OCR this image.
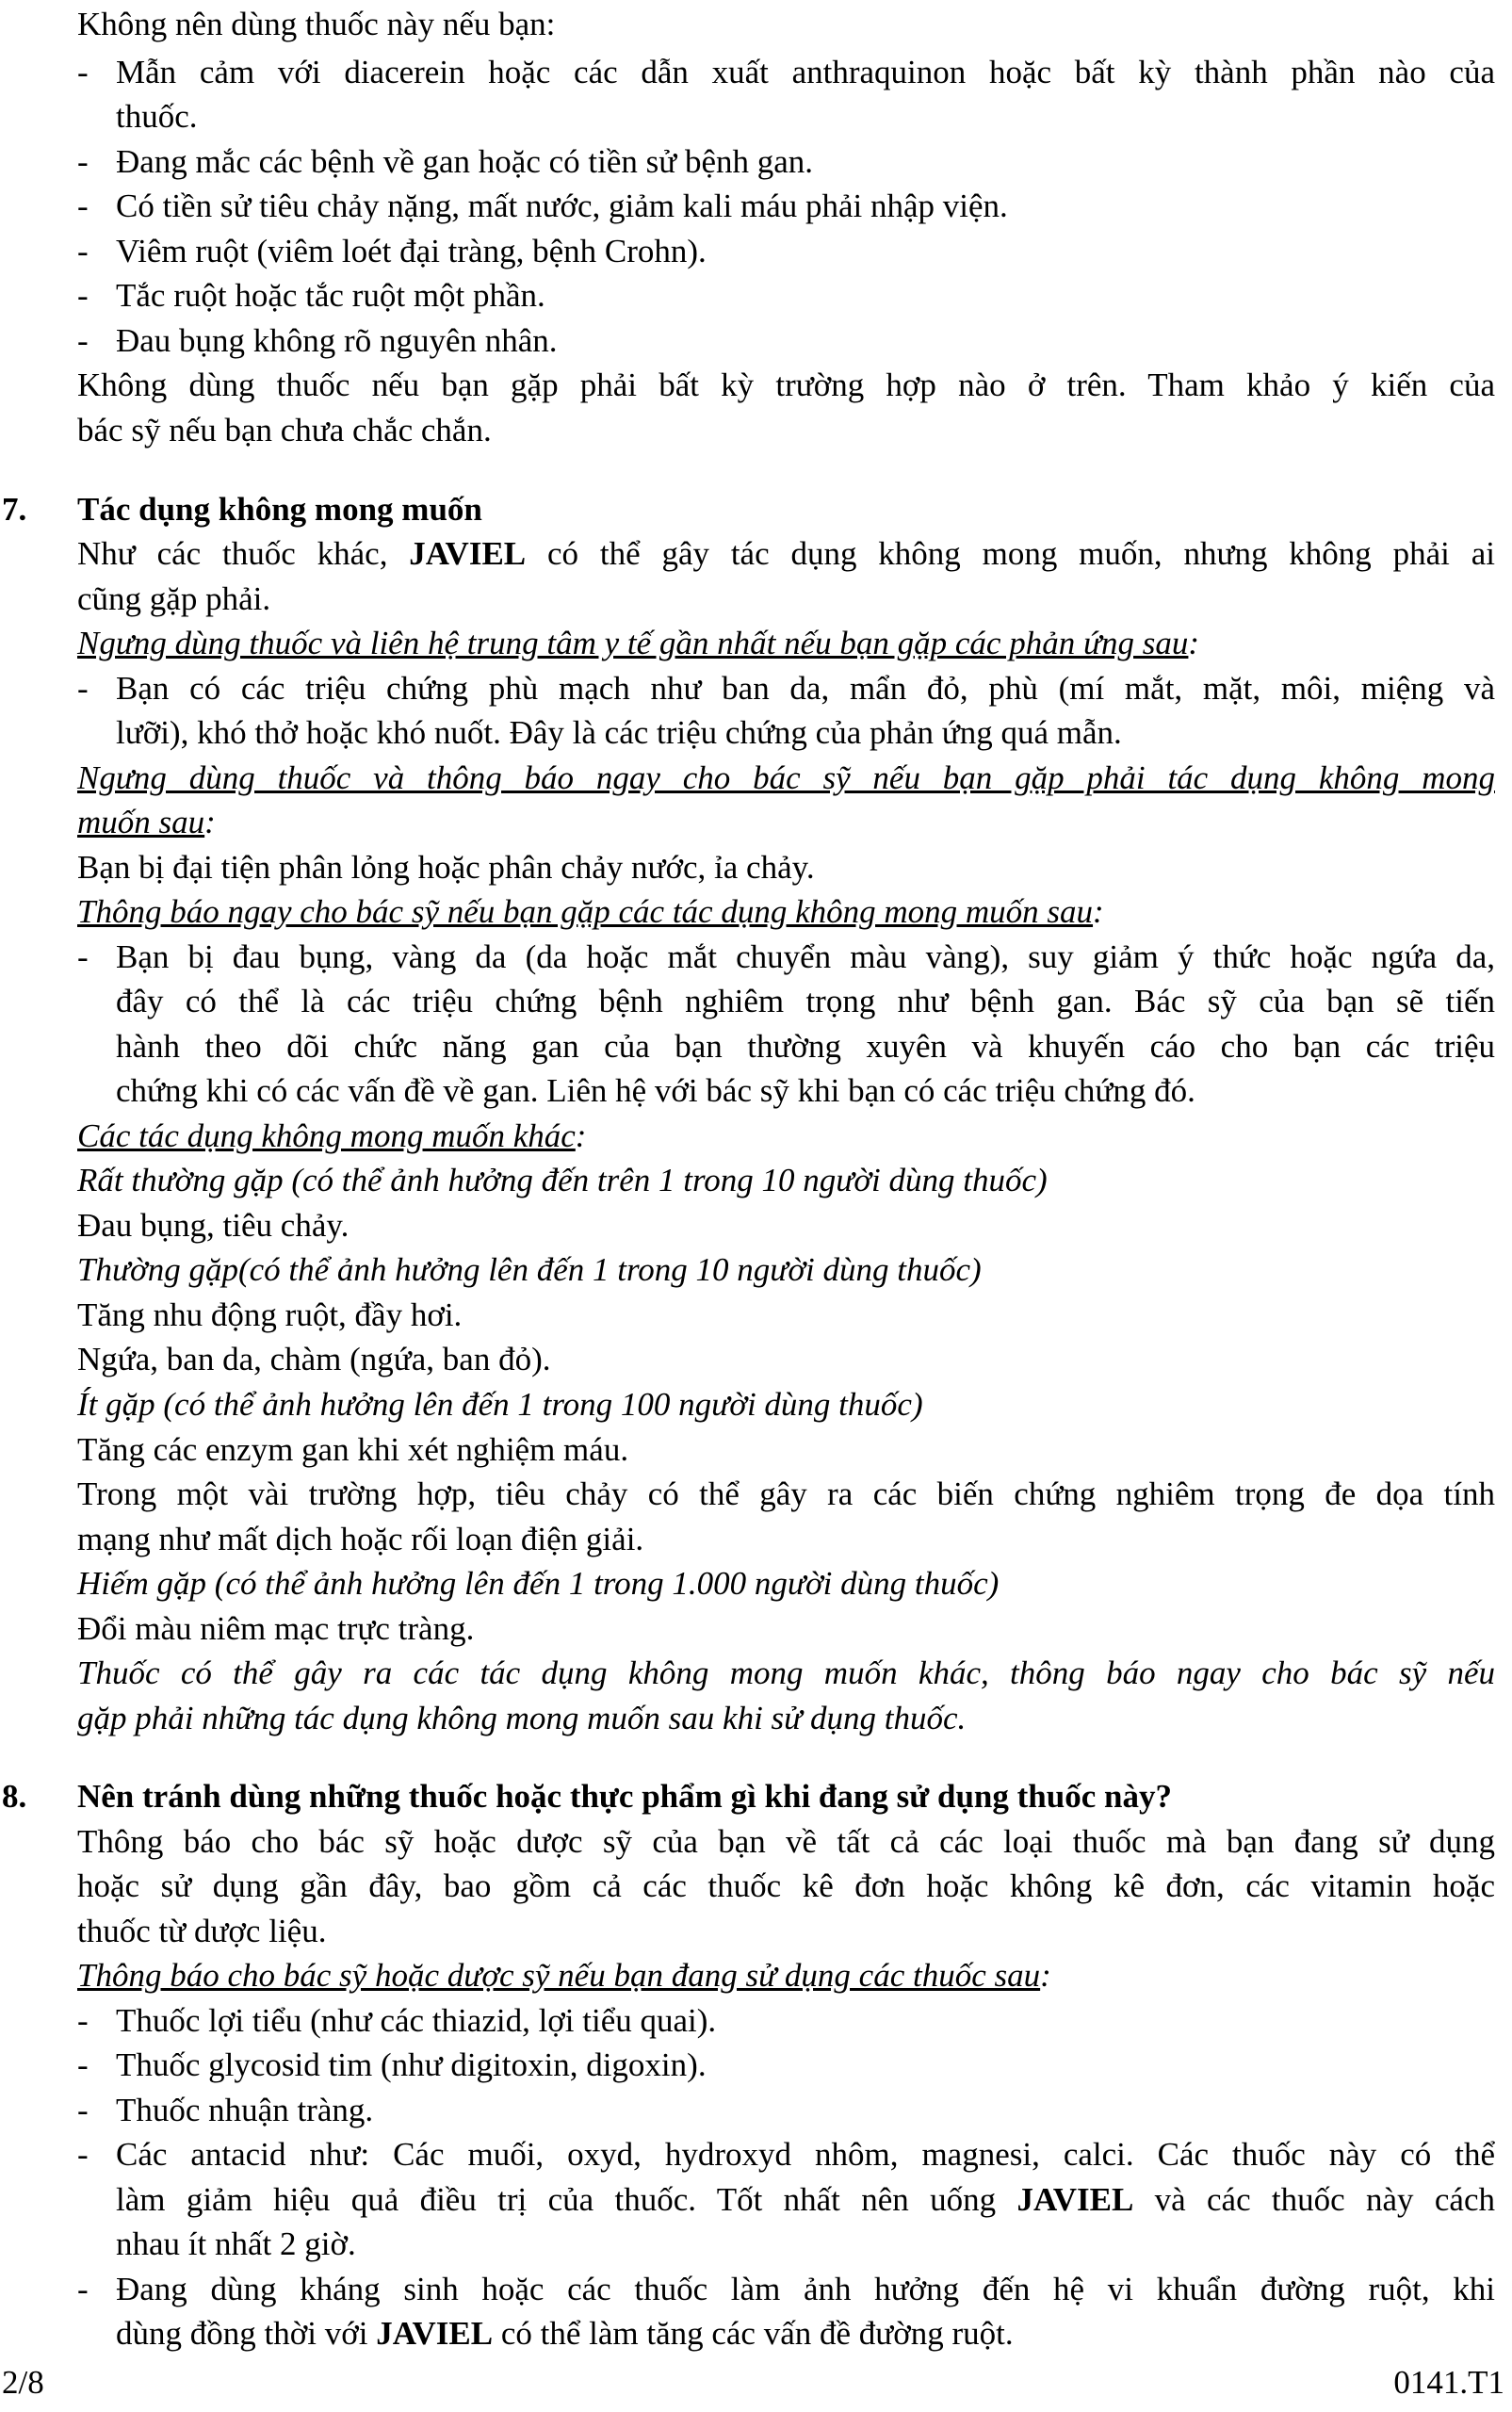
Không nên dùng thuốc này nếu bạn:
- Mẫn cảm với diacerein hoặc các dẫn xuất anthraquinon hoặc bất kỳ thành phần nào của
thuốc.
- Đang mắc các bệnh về gan hoặc có tiền sử bệnh gan.
- Có tiền sử tiêu chảy nặng, mất nước, giảm kali máu phải nhập viện.
- Viêm ruột (viêm loét đại tràng, bệnh Crohn).
- Tắc ruột hoặc tắc ruột một phần.
- Đau bụng không rõ nguyên nhân.
Không dùng thuốc nếu bạn gặp phải bất kỳ trường hợp nào ở trên. Tham khảo ý kiến của
bác sỹ nếu bạn chưa chắc chắn.
7. Tác dụng không mong muốn
Như các thuốc khác, JAVIEL có thể gây tác dụng không mong muốn, nhưng không phải ai
cũng gặp phải.
Ngưng dùng thuốc và liên hệ trung tâm y tế gần nhất nếu bạn gặp các phản ứng sau:
- Bạn có các triệu chứng phù mạch như ban da, mẩn đỏ, phù (mí mắt, mặt, môi, miệng và
lưỡi), khó thở hoặc khó nuốt. Đây là các triệu chứng của phản ứng quá mẫn.
Ngưng dùng thuốc và thông báo ngay cho bác sỹ nếu bạn gặp phải tác dụng không mong
muốn sau:
Bạn bị đại tiện phân lỏng hoặc phân chảy nước, ỉa chảy.
Thông báo ngay cho bác sỹ nếu bạn gặp các tác dụng không mong muốn sau:
- Bạn bị đau bụng, vàng da (da hoặc mắt chuyển màu vàng), suy giảm ý thức hoặc ngứa da,
đây có thể là các triệu chứng bệnh nghiêm trọng như bệnh gan. Bác sỹ của bạn sẽ tiến
hành theo dõi chức năng gan của bạn thường xuyên và khuyến cáo cho bạn các triệu
chứng khi có các vấn đề về gan. Liên hệ với bác sỹ khi bạn có các triệu chứng đó.
Các tác dụng không mong muốn khác:
Rất thường gặp (có thể ảnh hưởng đến trên 1 trong 10 người dùng thuốc)
Đau bụng, tiêu chảy.
Thường gặp(có thể ảnh hưởng lên đến 1 trong 10 người dùng thuốc)
Tăng nhu động ruột, đầy hơi.
Ngứa, ban da, chàm (ngứa, ban đỏ).
Ít gặp (có thể ảnh hưởng lên đến 1 trong 100 người dùng thuốc)
Tăng các enzym gan khi xét nghiệm máu.
Trong một vài trường hợp, tiêu chảy có thể gây ra các biến chứng nghiêm trọng đe dọa tính
mạng như mất dịch hoặc rối loạn điện giải.
Hiếm gặp (có thể ảnh hưởng lên đến 1 trong 1.000 người dùng thuốc)
Đổi màu niêm mạc trực tràng.
Thuốc có thể gây ra các tác dụng không mong muốn khác, thông báo ngay cho bác sỹ nếu
gặp phải những tác dụng không mong muốn sau khi sử dụng thuốc.
8. Nên tránh dùng những thuốc hoặc thực phẩm gì khi đang sử dụng thuốc này?
Thông báo cho bác sỹ hoặc dược sỹ của bạn về tất cả các loại thuốc mà bạn đang sử dụng
hoặc sử dụng gần đây, bao gồm cả các thuốc kê đơn hoặc không kê đơn, các vitamin hoặc
thuốc từ dược liệu.
Thông báo cho bác sỹ hoặc dược sỹ nếu bạn đang sử dụng các thuốc sau:
- Thuốc lợi tiểu (như các thiazid, lợi tiểu quai).
- Thuốc glycosid tim (như digitoxin, digoxin).
- Thuốc nhuận tràng.
- Các antacid như: Các muối, oxyd, hydroxyd nhôm, magnesi, calci. Các thuốc này có thể
làm giảm hiệu quả điều trị của thuốc. Tốt nhất nên uống JAVIEL và các thuốc này cách
nhau ít nhất 2 giờ.
- Đang dùng kháng sinh hoặc các thuốc làm ảnh hưởng đến hệ vi khuẩn đường ruột, khi
dùng đồng thời với JAVIEL có thể làm tăng các vấn đề đường ruột.
2/8	0141.T1
